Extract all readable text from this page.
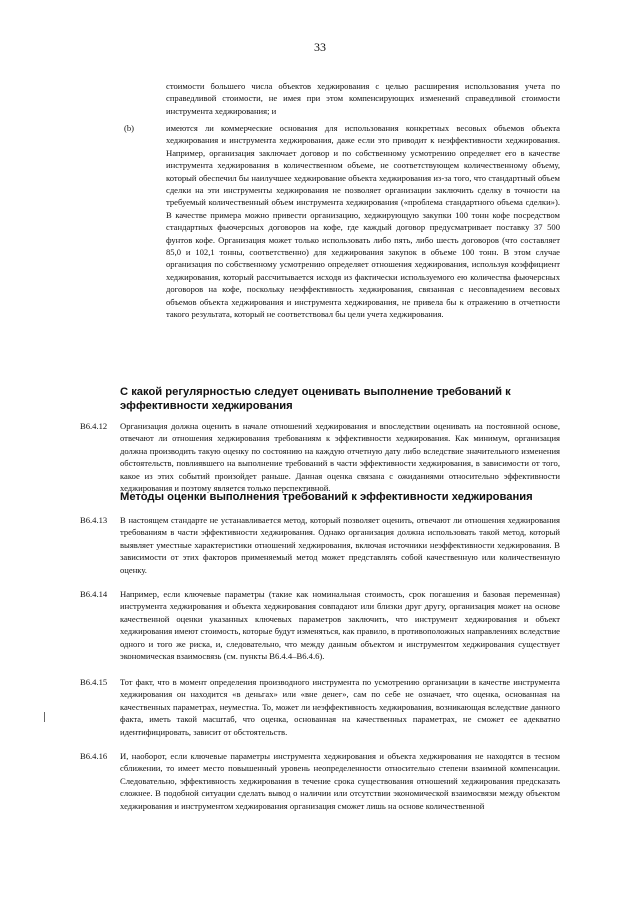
33

стоимости большего числа объектов хеджирования с целью расширения использования учета по справедливой стоимости, не имея при этом компенсирующих изменений справедливой стоимости инструмента хеджирования; и

(b)	имеются ли коммерческие основания для использования конкретных весовых объемов объекта хеджирования и инструмента хеджирования, даже если это приводит к неэффективности хеджирования. Например, организация заключает договор и по собственному усмотрению определяет его в качестве инструмента хеджирования в количественном объеме, не соответствующем количественному объему, который обеспечил бы наилучшее хеджирование объекта хеджирования из-за того, что стандартный объем сделки на эти инструменты хеджирования не позволяет организации заключить сделку в точности на требуемый количественный объем инструмента хеджирования («проблема стандартного объема сделки»). В качестве примера можно привести организацию, хеджирующую закупки 100 тонн кофе посредством стандартных фьючерсных договоров на кофе, где каждый договор предусматривает поставку 37 500 фунтов кофе. Организация может только использовать либо пять, либо шесть договоров (что составляет 85,0 и 102,1 тонны, соответственно) для хеджирования закупок в объеме 100 тонн. В этом случае организация по собственному усмотрению определяет отношения хеджирования, используя коэффициент хеджирования, который рассчитывается исходя из фактически используемого ею количества фьючерсных договоров на кофе, поскольку неэффективность хеджирования, связанная с несовпадением весовых объемов объекта хеджирования и инструмента хеджирования, не привела бы к отражению в отчетности такого результата, который не соответствовал бы цели учета хеджирования.

С какой регулярностью следует оценивать выполнение требований к эффективности хеджирования
B6.4.12 Организация должна оценить в начале отношений хеджирования и впоследствии оценивать на постоянной основе, отвечают ли отношения хеджирования требованиям к эффективности хеджирования. Как минимум, организация должна производить такую оценку по состоянию на каждую отчетную дату либо вследствие значительного изменения обстоятельств, повлиявшего на выполнение требований в части эффективности хеджирования, в зависимости от того, какое из этих событий произойдет раньше. Данная оценка связана с ожиданиями относительно эффективности хеджирования и поэтому является только перспективной.

Методы оценки выполнения требований к эффективности хеджирования
B6.4.13 В настоящем стандарте не устанавливается метод, который позволяет оценить, отвечают ли отношения хеджирования требованиям в части эффективности хеджирования. Однако организация должна использовать такой метод, который выявляет уместные характеристики отношений хеджирования, включая источники неэффективности хеджирования. В зависимости от этих факторов применяемый метод может представлять собой качественную или количественную оценку.

B6.4.14 Например, если ключевые параметры (такие как номинальная стоимость, срок погашения и базовая переменная) инструмента хеджирования и объекта хеджирования совпадают или близки друг другу, организация может на основе качественной оценки указанных ключевых параметров заключить, что инструмент хеджирования и объект хеджирования имеют стоимость, которые будут изменяться, как правило, в противоположных направлениях вследствие одного и того же риска, и, следовательно, что между данным объектом и инструментом хеджирования существует экономическая взаимосвязь (см. пункты B6.4.4–B6.4.6).

B6.4.15 Тот факт, что в момент определения производного инструмента по усмотрению организации в качестве инструмента хеджирования он находится «в деньгах» или «вне денег», сам по себе не означает, что оценка, основанная на качественных параметрах, неуместна. То, может ли неэффективность хеджирования, возникающая вследствие данного факта, иметь такой масштаб, что оценка, основанная на качественных параметрах, не сможет ее адекватно идентифицировать, зависит от обстоятельств.

B6.4.16 И, наоборот, если ключевые параметры инструмента хеджирования и объекта хеджирования не находятся в тесном сближении, то имеет место повышенный уровень неопределенности относительно степени взаимной компенсации. Следовательно, эффективность хеджирования в течение срока существования отношений хеджирования предсказать сложнее. В подобной ситуации сделать вывод о наличии или отсутствии экономической взаимосвязи между объектом хеджирования и инструментом хеджирования организация сможет лишь на основе количественной
